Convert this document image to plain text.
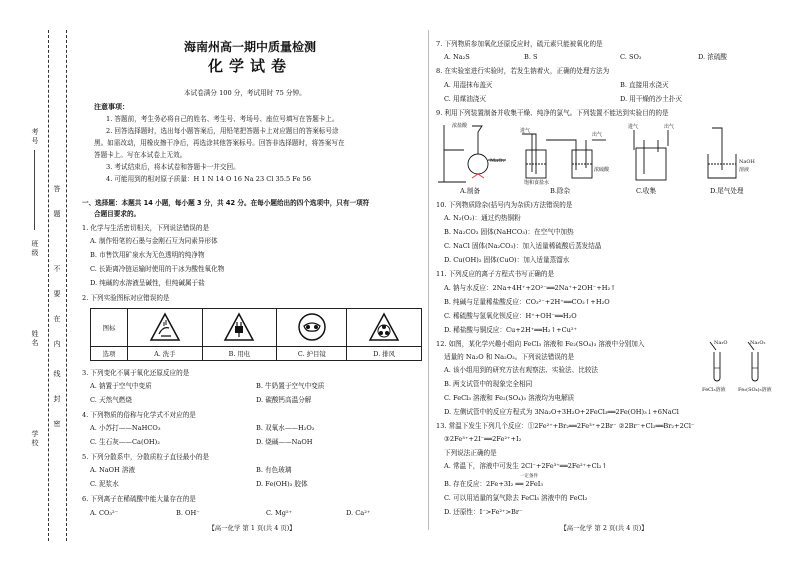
考号
班级
姓名
学校
答
题
不
要
在
内
线
封
密
海南州高一期中质量检测
化学试卷
本试卷满分 100 分，考试用时 75 分钟。
注意事项：
1. 答题前，考生务必将自己的姓名、考生号、考场号、座位号填写在答题卡上。
2. 回答选择题时，选出每小题答案后，用铅笔把答题卡上对应题目的答案标号涂
黑。如需改动，用橡皮擦干净后，再选涂其他答案标号。回答非选择题时，将答案写在
答题卡上。写在本试卷上无效。
3. 考试结束后，将本试卷和答题卡一并交回。
4. 可能用到的相对原子质量：H 1 N 14 O 16 Na 23 Cl 35.5 Fe 56
一、选择题：本题共 14 小题，每小题 3 分，共 42 分。在每小题给出的四个选项中，只有一项符
合题目要求的。
1. 化学与生活密切相关，下列说法错误的是
A. 制作铅笔的石墨与金刚石互为同素异形体
B. 市售饮用矿泉水为无色透明的纯净物
C. 长距离冷链运输时使用的干冰为酸性氧化物
D. 纯碱的水溶液呈碱性，但纯碱属于盐
2. 下列实验图标对应错误的是
图标				
选项	A. 洗手	B. 用电	C. 护目镜	D. 排风
3. 下列变化不属于氧化还原反应的是
A. 钠置于空气中变质	B. 牛奶置于空气中变质
C. 天然气燃烧	D. 碳酸钙高温分解
4. 下列物质的俗称与化学式不对应的是
A. 小苏打——NaHCO₃	B. 双氧水——H₂O₂
C. 生石灰——Ca(OH)₂	D. 烧碱——NaOH
5. 下列分散系中，分散质粒子直径最小的是
A. NaOH 溶液	B. 有色玻璃
C. 泥浆水	D. Fe(OH)₃ 胶体
6. 下列离子在稀硫酸中能大量存在的是
A. CO₃²⁻	B. OH⁻	C. Mg²⁺	D. Ca²⁺
【高一化学 第 1 页(共 4 页)】
7. 下列物质参加氧化还原反应时，硫元素只能被氧化的是
A. Na₂S	B. S	C. SO₂	D. 浓硫酸
8. 在实验室进行实验时，若发生钠着火，正确的处理方法为
A. 用湿抹布盖灭	B. 直接用水浇灭
C. 用煤油浇灭	D. 用干燥的沙土扑灭
9. 利用下列装置制备并收集干燥、纯净的氯气。下列装置不能达到实验目的的是
浓盐酸
MnO₂
进气
出气
饱和食盐水
浓硫酸
进气	出气
NaOH
溶液
A.制备	B.除杂	C.收集	D.尾气处理
10. 下列物质除杂(括号内为杂质)方法错误的是
A. N₂(O₂)：通过灼热铜粉
B. Na₂CO₃ 固体(NaHCO₃)：在空气中加热
C. NaCl 固体(Na₂CO₃)：加入适量稀硫酸后蒸发结晶
D. Cu(OH)₂ 固体(CuO)：加入适量蒸馏水
11. 下列反应的离子方程式书写正确的是
A. 钠与水反应：2Na+4H⁺+2O²⁻══2Na⁺+2OH⁻+H₂↑
B. 纯碱与足量稀盐酸反应：CO₃²⁻+2H⁺══CO₂↑+H₂O
C. 稀硫酸与氢氧化钡反应：H⁺+OH⁻══H₂O
D. 稀盐酸与铜反应：Cu+2H⁺══H₂↑+Cu²⁺
12. 如图，某化学兴趣小组向 FeCl₃ 溶液和 Fe₂(SO₄)₃ 溶液中分别加入
适量的 Na₂O 和 Na₂O₂。下列说法错误的是
A. 该小组用到的研究方法有观察法、实验法、比较法
B. 两支试管中的现象完全相同
C. FeCl₃ 溶液和 Fe₂(SO₄)₃ 溶液均为电解质
D. 左侧试管中的反应方程式为 3Na₂O+3H₂O+2FeCl₃══2Fe(OH)₃↓+6NaCl
Na₂O	Na₂O₂
FeCl₃溶液 Fe₂(SO₄)₃溶液
13. 常温下发生下列几个反应：①2Fe²⁺+Br₂══2Fe³⁺+2Br⁻ ②2Br⁻+Cl₂══Br₂+2Cl⁻
③2Fe³⁺+2I⁻══2Fe²⁺+I₂
下列说法正确的是
A. 常温下，溶液中可发生 2Cl⁻+2Fe³⁺══2Fe²⁺+Cl₂↑
一定条件
B. 存在反应：2Fe+3I₂ ══ 2FeI₃
C. 可以用适量的氯气除去 FeCl₃ 溶液中的 FeCl₂
D. 还原性：I⁻>Fe²⁺>Br⁻
【高一化学 第 2 页(共 4 页)】
